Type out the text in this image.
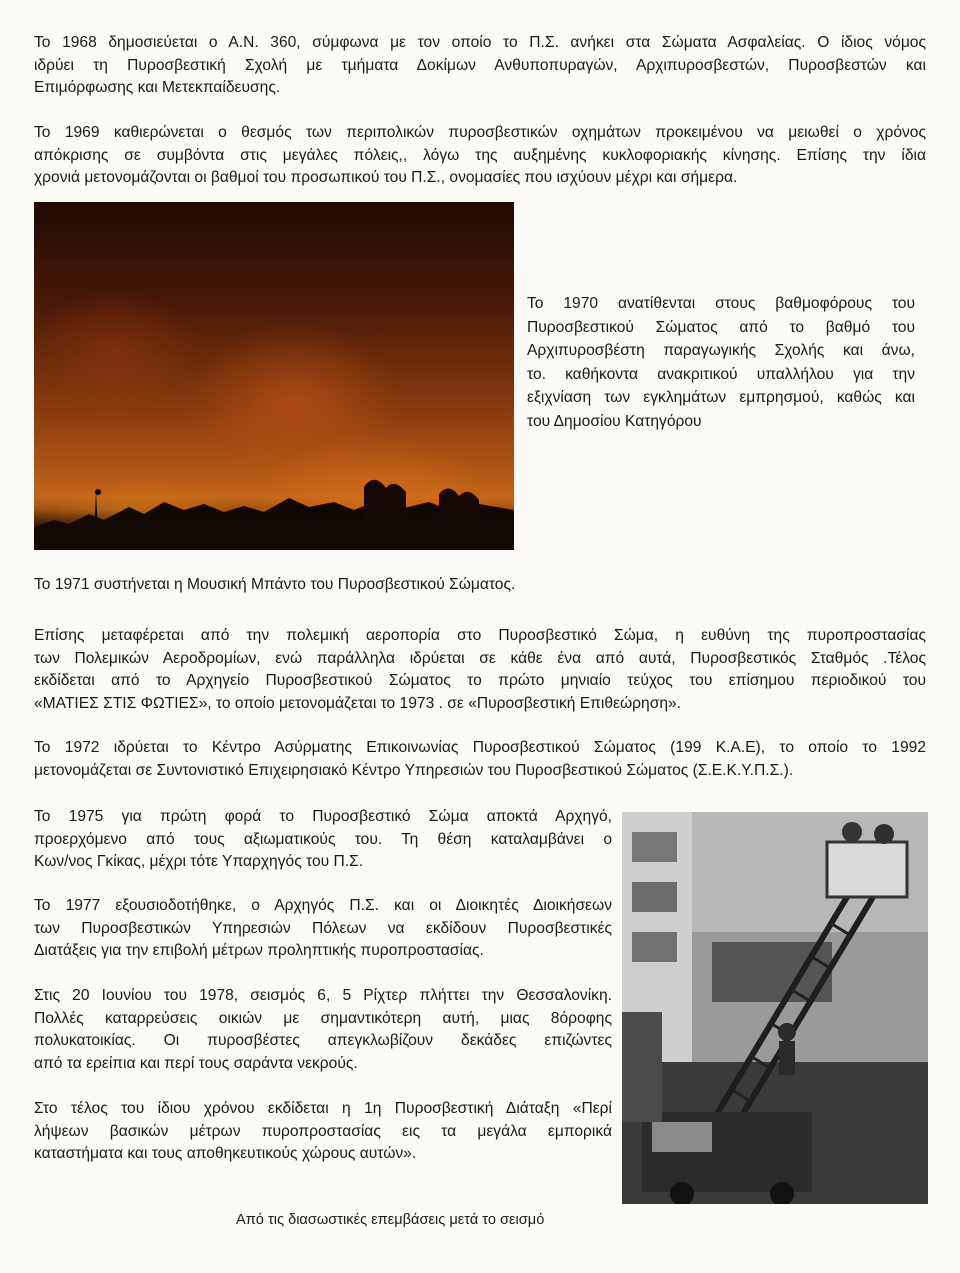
Το 1968 δημοσιεύεται ο Α.Ν. 360, σύμφωνα με τον οποίο το Π.Σ. ανήκει στα Σώματα Ασφαλείας. Ο ίδιος νόμος
ιδρύει τη Πυροσβεστική Σχολή με τμήματα Δοκίμων Ανθυποπυραγών, Αρχιπυροσβεστών, Πυροσβεστών και
Επιμόρφωσης και Μετεκπαίδευσης.
Το 1969 καθιερώνεται ο θεσμός των περιπολικών πυροσβεστικών οχημάτων προκειμένου να μειωθεί ο χρόνος
απόκρισης σε συμβόντα στις μεγάλες πόλεις,, λόγω της αυξημένης κυκλοφοριακής κίνησης. Επίσης την ίδια
χρονιά μετονομάζονται οι βαθμοί του προσωπικού του Π.Σ., ονομασίες που ισχύουν μέχρι και σήμερα.
Το 1970 ανατίθενται στους βαθμοφόρους του
Πυροσβεστικού Σώματος από το βαθμό του
Αρχιπυροσβέστη παραγωγικής Σχολής και άνω,
το. καθήκοντα ανακριτικού υπαλλήλου για την
εξιχνίαση των εγκλημάτων εμπρησμού, καθώς και
του Δημοσίου Κατηγόρου
Το 1971 συστήνεται η Μουσική Μπάντο του Πυροσβεστικού Σώματος.
Επίσης μεταφέρεται από την πολεμική αεροπορία στο Πυροσβεστικό Σώμα, η ευθύνη της πυροπροστασίας
των Πολεμικών Αεροδρομίων, ενώ παράλληλα ιδρύεται σε κάθε ένα από αυτά, Πυροσβεστικός Σταθμός .Τέλος
εκδίδεται από το Αρχηγείο Πυροσβεστικού Σώματος το πρώτο μηνιαίο τεύχος του επίσημου περιοδικού του
«ΜΑΤΙΕΣ ΣΤΙΣ ΦΩΤΙΕΣ», το οποίο μετονομάζεται το 1973 . σε «Πυροσβεστική Επιθεώρηση».
Το 1972 ιδρύεται το Κέντρο Ασύρματης Επικοινωνίας Πυροσβεστικού Σώματος (199 Κ.Α.Ε), το οποίο το 1992
μετονομάζεται σε Συντονιστικό Επιχειρησιακό Κέντρο Υπηρεσιών του Πυροσβεστικού Σώματος (Σ.Ε.Κ.Υ.Π.Σ.).
Το 1975 για πρώτη φορά το Πυροσβεστικό Σώμα αποκτά Αρχηγό,
προερχόμενο από τους αξιωματικούς του. Τη θέση καταλαμβάνει ο
Κων/νος Γκίκας, μέχρι τότε Υπαρχηγός του Π.Σ.
Το 1977 εξουσιοδοτήθηκε, ο Αρχηγός Π.Σ. και οι Διοικητές Διοικήσεων
των Πυροσβεστικών Υπηρεσιών Πόλεων να εκδίδουν Πυροσβεστικές
Διατάξεις για την επιβολή μέτρων προληπτικής πυροπροστασίας.
Στις 20 Ιουνίου του 1978, σεισμός 6, 5 Ρίχτερ πλήττει την Θεσσαλονίκη.
Πολλές καταρρεύσεις οικιών με σημαντικότερη αυτή, μιας 8όροφης
πολυκατοικίας. Οι πυροσβέστες απεγκλωβίζουν δεκάδες επιζώντες
από τα ερείπια και περί τους σαράντα νεκρούς.
Στο τέλος του ίδιου χρόνου εκδίδεται η 1η Πυροσβεστική Διάταξη «Περί
λήψεων βασικών μέτρων πυροπροστασίας εις τα μεγάλα εμπορικά
καταστήματα και τους αποθηκευτικούς χώρους αυτών».
Από τις διασωστικές επεμβάσεις μετά το σεισμό
